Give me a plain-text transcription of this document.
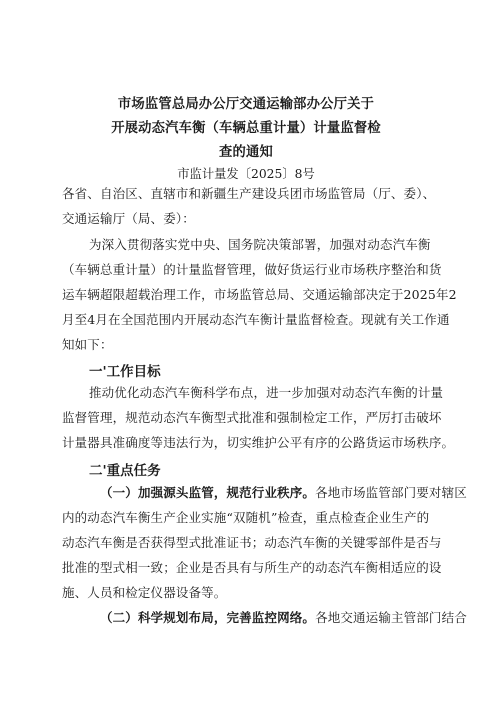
市场监管总局办公厅交通运输部办公厅关于
开展动态汽车衡（车辆总重计量）计量监督检
查的通知
市监计量发〔2025〕8号
各省、自治区、直辖市和新疆生产建设兵团市场监管局（厅、委）、
交通运输厅（局、委）：
为深入贯彻落实党中央、国务院决策部署，加强对动态汽车衡
（车辆总重计量）的计量监督管理，做好货运行业市场秩序整治和货
运车辆超限超载治理工作，市场监管总局、交通运输部决定于2025年2
月至4月在全国范围内开展动态汽车衡计量监督检查。现就有关工作通
知如下：
一'工作目标
推动优化动态汽车衡科学布点，进一步加强对动态汽车衡的计量
监督管理，规范动态汽车衡型式批准和强制检定工作，严厉打击破坏
计量器具准确度等违法行为，切实维护公平有序的公路货运市场秩序。
二'重点任务
（一）加强源头监管，规范行业秩序。各地市场监管部门要对辖区
内的动态汽车衡生产企业实施“双随机”检查，重点检查企业生产的
动态汽车衡是否获得型式批准证书；动态汽车衡的关键零部件是否与
批准的型式相一致；企业是否具有与所生产的动态汽车衡相适应的设
施、人员和检定仪器设备等。
（二）科学规划布局，完善监控网络。各地交通运输主管部门结合
